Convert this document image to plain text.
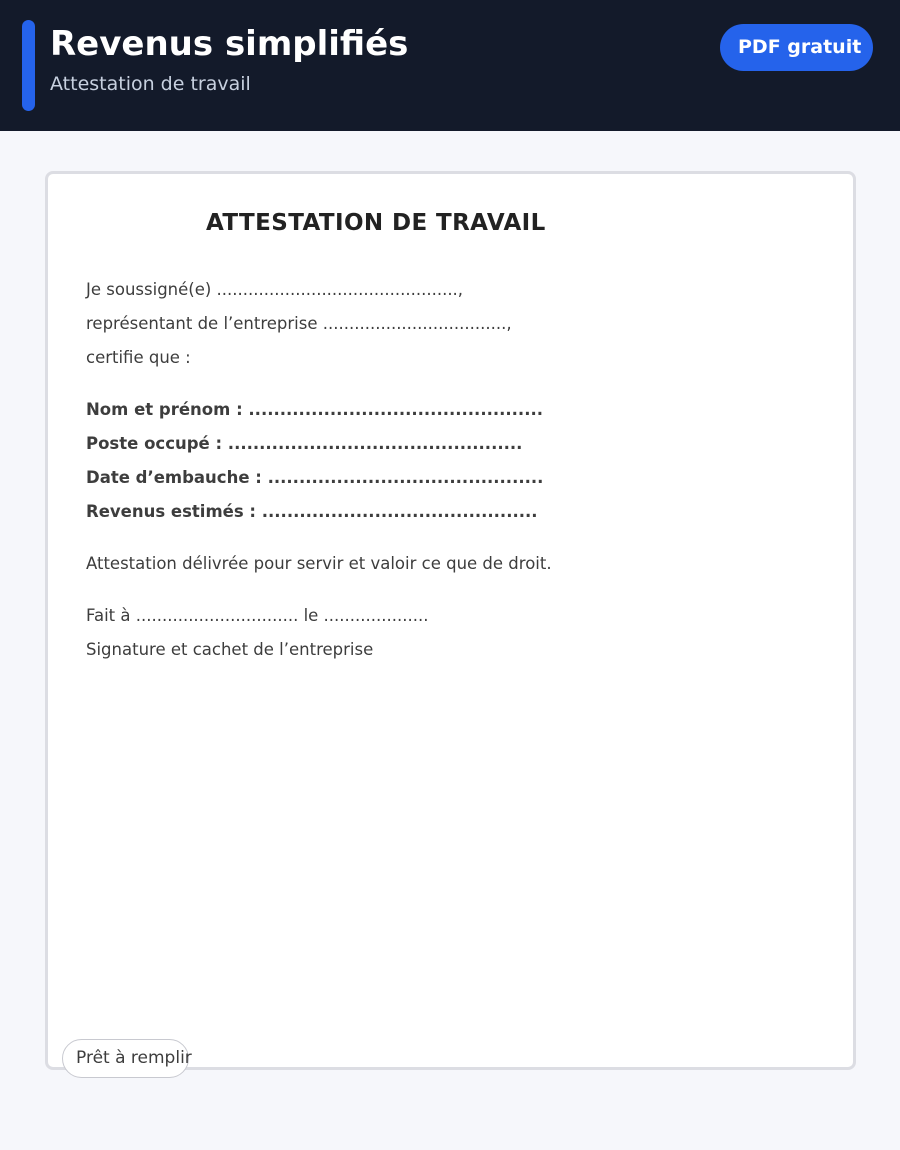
Revenus simplifiés
Attestation de travail
PDF gratuit
ATTESTATION DE TRAVAIL
Je soussigné(e) ..............................................,
représentant de l’entreprise ...................................,
certifie que :
Nom et prénom : ...............................................
Poste occupé : ...............................................
Date d’embauche : ............................................
Revenus estimés : ............................................
Attestation délivrée pour servir et valoir ce que de droit.
Fait à ............................... le ....................
Signature et cachet de l’entreprise
Prêt à remplir
